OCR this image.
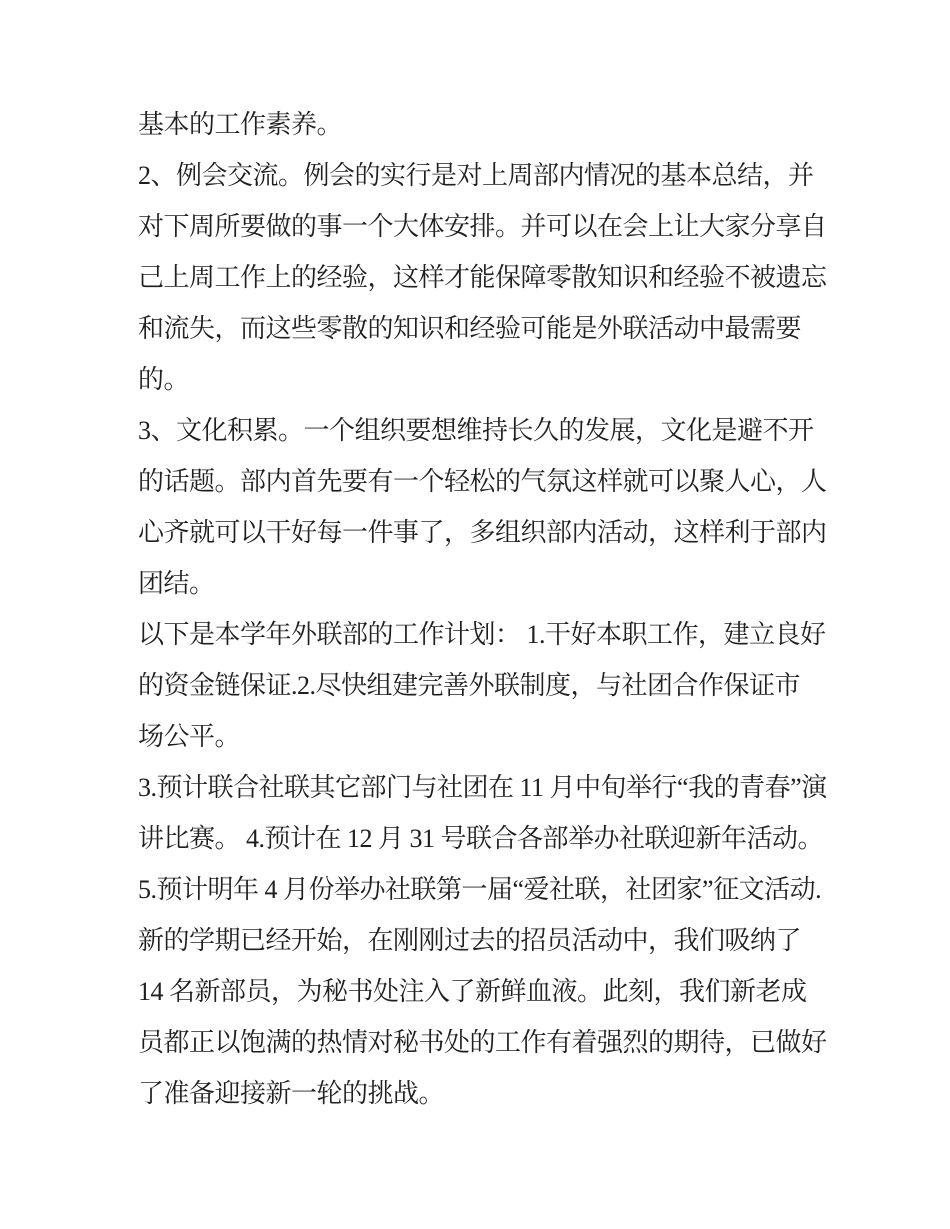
基本的工作素养。
2、例会交流。例会的实行是对上周部内情况的基本总结，并
对下周所要做的事一个大体安排。并可以在会上让大家分享自
己上周工作上的经验，这样才能保障零散知识和经验不被遗忘
和流失，而这些零散的知识和经验可能是外联活动中最需要
的。
3、文化积累。一个组织要想维持长久的发展，文化是避不开
的话题。部内首先要有一个轻松的气氛这样就可以聚人心，人
心齐就可以干好每一件事了，多组织部内活动，这样利于部内
团结。
以下是本学年外联部的工作计划： 1.干好本职工作，建立良好
的资金链保证.2.尽快组建完善外联制度，与社团合作保证市
场公平。
3.预计联合社联其它部门与社团在 11 月中旬举行“我的青春”演
讲比赛。 4.预计在 12 月 31 号联合各部举办社联迎新年活动。
5.预计明年 4 月份举办社联第一届“爱社联，社团家”征文活动.
新的学期已经开始，在刚刚过去的招员活动中，我们吸纳了
14 名新部员，为秘书处注入了新鲜血液。此刻，我们新老成
员都正以饱满的热情对秘书处的工作有着强烈的期待，已做好
了准备迎接新一轮的挑战。
